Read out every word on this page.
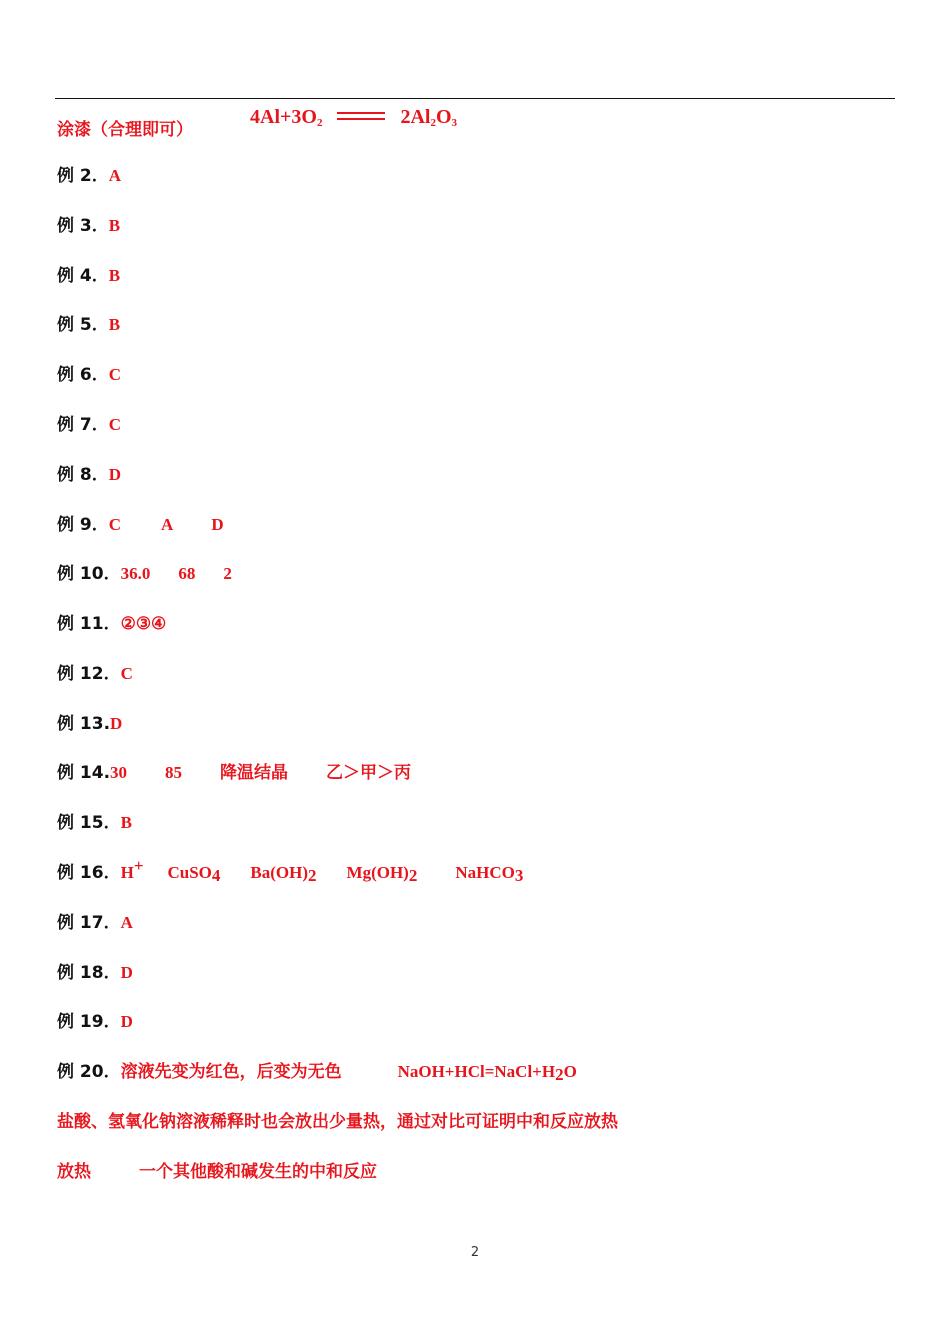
涂漆（合理即可）
$4Al+3O_2$	$2Al_2O_3$
例 2．A
例 3．B
例 4．B
例 5．B
例 6．C
例 7．C
例 8．D
例 9．C A D
例 10．36.0 68 2
例 11．②③④
例 12．C
例 13.D
例 14.30 85 降温结晶 乙＞甲＞丙
例 15．B
例 16．H+ CuSO$_4$ $Ba(OH)_2$ $Mg(OH)_2$ NaHCO$_3$
例 17．A
例 18．D
例 19．D
例 20．溶液先变为红色，后变为无色	$NaOH+HCl=NaCl+H_2O$
盐酸、氢氧化钠溶液稀释时也会放出少量热，通过对比可证明中和反应放热
放热	一个其他酸和碱发生的中和反应
2
